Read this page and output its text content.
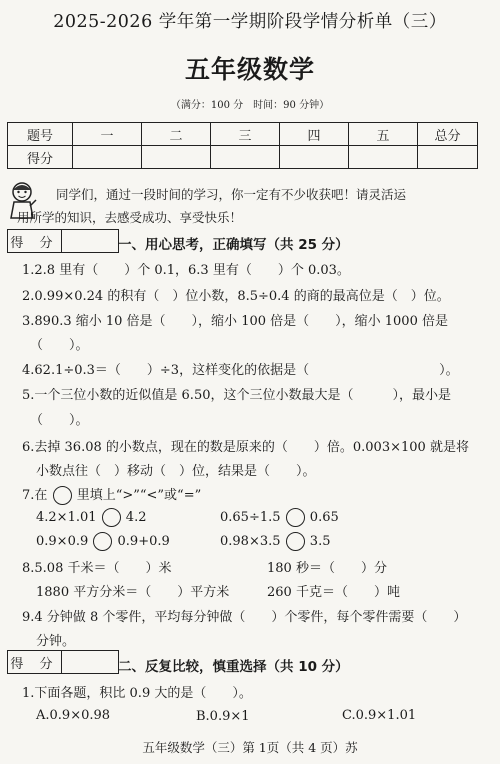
2025-2026 学年第一学期阶段学情分析单（三）
五年级数学
（满分：100 分　时间：90 分钟）
题号	一	二	三	四	五	总分
得分						
同学们，通过一段时间的学习，你一定有不少收获吧！请灵活运
用所学的知识，去感受成功、享受快乐！
得 分	一、用心思考，正确填写（共 25 分）
1.2.8 里有（　　）个 0.1，6.3 里有（　　）个 0.03。
2.0.99×0.24 的积有（　）位小数，8.5÷0.4 的商的最高位是（　）位。
3.890.3 缩小 10 倍是（　　），缩小 100 倍是（　　），缩小 1000 倍是
（　　）。
4.62.1÷0.3＝（　　）÷3，这样变化的依据是（　　　　　　　　　　）。
5.一个三位小数的近似值是 6.50，这个三位小数最大是（　　　），最小是
（　　）。
6.去掉 36.08 的小数点，现在的数是原来的（　　）倍。0.003×100 就是将
小数点往（　）移动（　）位，结果是（　　）。
7.在 里填上“>”“<”或“=”
4.2×1.01 4.2	0.65÷1.5 0.65
0.9×0.9 0.9+0.9	0.98×3.5 3.5
8.5.08 千米＝（　　）米	180 秒＝（　　）分
1880 平方分米＝（　　）平方米	260 千克＝（　　）吨
9.4 分钟做 8 个零件，平均每分钟做（　　）个零件，每个零件需要（　　）
分钟。
得 分	二、反复比较，慎重选择（共 10 分）
1.下面各题，积比 0.9 大的是（　　）。
A.0.9×0.98	B.0.9×1	C.0.9×1.01
五年级数学（三）第 1页（共 4 页）苏
